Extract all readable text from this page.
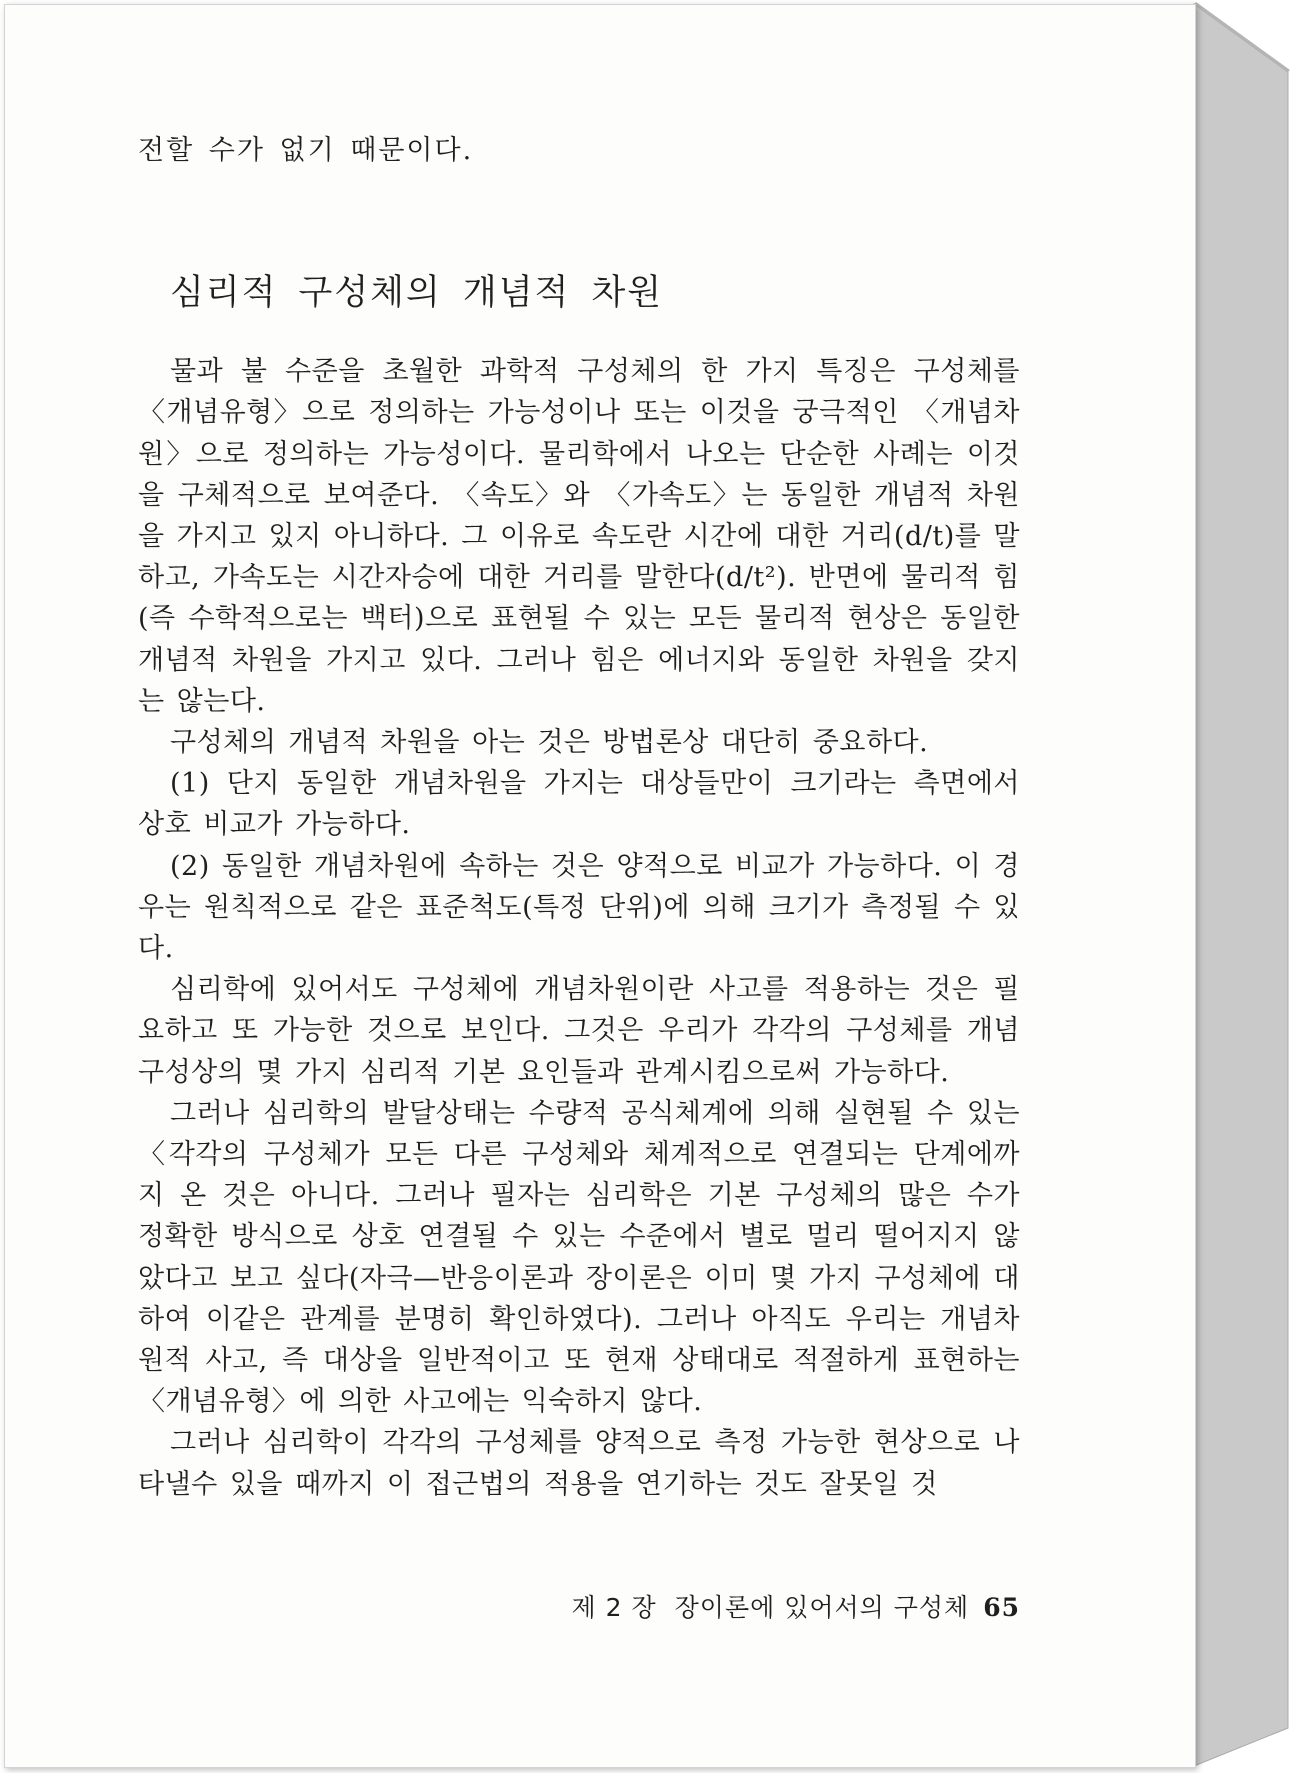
전할 수가 없기 때문이다.

심리적 구성체의 개념적 차원

물과 불 수준을 초월한 과학적 구성체의 한 가지 특징은 구성체를 〈개념유형〉으로 정의하는 가능성이나 또는 이것을 궁극적인 〈개념차원〉으로 정의하는 가능성이다. 물리학에서 나오는 단순한 사례는 이것을 구체적으로 보여준다. 〈속도〉와 〈가속도〉는 동일한 개념적 차원을 가지고 있지 아니하다. 그 이유로 속도란 시간에 대한 거리(d/t)를 말하고, 가속도는 시간자승에 대한 거리를 말한다(d/t²). 반면에 물리적 힘(즉 수학적으로는 백터)으로 표현될 수 있는 모든 물리적 현상은 동일한 개념적 차원을 가지고 있다. 그러나 힘은 에너지와 동일한 차원을 갖지는 않는다.

구성체의 개념적 차원을 아는 것은 방법론상 대단히 중요하다.

(1) 단지 동일한 개념차원을 가지는 대상들만이 크기라는 측면에서 상호 비교가 가능하다.

(2) 동일한 개념차원에 속하는 것은 양적으로 비교가 가능하다. 이 경우는 원칙적으로 같은 표준척도(특정 단위)에 의해 크기가 측정될 수 있다.

심리학에 있어서도 구성체에 개념차원이란 사고를 적용하는 것은 필요하고 또 가능한 것으로 보인다. 그것은 우리가 각각의 구성체를 개념구성상의 몇 가지 심리적 기본 요인들과 관계시킴으로써 가능하다.

그러나 심리학의 발달상태는 수량적 공식체계에 의해 실현될 수 있는 〈각각의 구성체가 모든 다른 구성체와 체계적으로 연결되는 단계에까지 온 것은 아니다. 그러나 필자는 심리학은 기본 구성체의 많은 수가 정확한 방식으로 상호 연결될 수 있는 수준에서 별로 멀리 떨어지지 않았다고 보고 싶다(자극—반응이론과 장이론은 이미 몇 가지 구성체에 대하여 이같은 관계를 분명히 확인하였다). 그러나 아직도 우리는 개념차원적 사고, 즉 대상을 일반적이고 또 현재 상태대로 적절하게 표현하는 〈개념유형〉에 의한 사고에는 익숙하지 않다.

그러나 심리학이 각각의 구성체를 양적으로 측정 가능한 현상으로 나타낼수 있을 때까지 이 접근법의 적용을 연기하는 것도 잘못일 것

제 2 장 장이론에 있어서의 구성체 65
